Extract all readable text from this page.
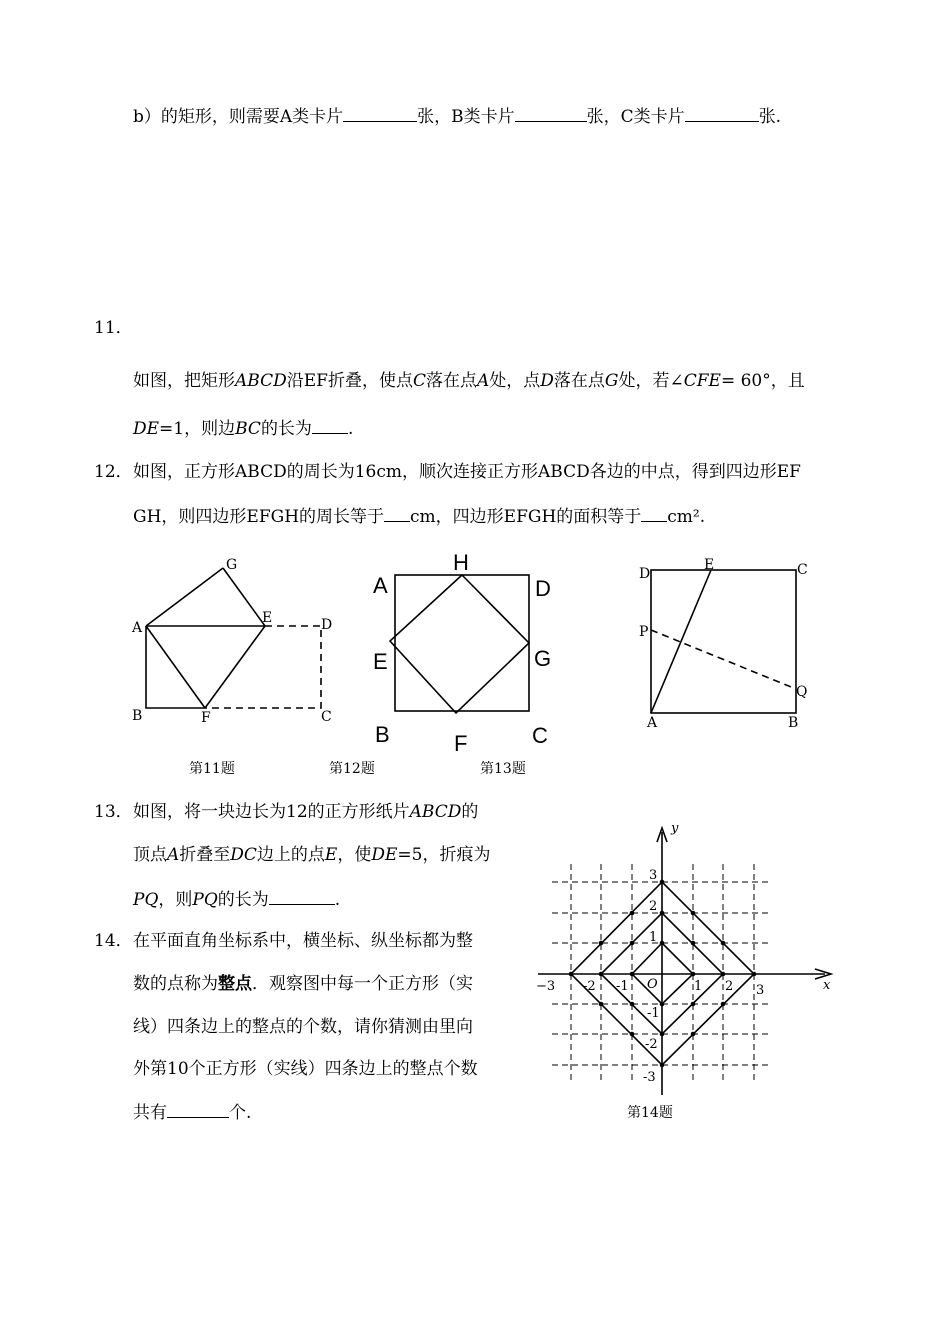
b）的矩形，则需要A类卡片	张，B类卡片	张，C类卡片	张.
11．
如图，把矩形ABCD沿EF折叠，使点C落在点A处，点D落在点G处，若∠CFE= 60°，且
DE=1，则边BC的长为 .
12． 如图，正方形ABCD的周长为16cm，顺次连接正方形ABCD各边的中点，得到四边形EF
GH，则四边形EFGH的周长等于 cm，四边形EFGH的面积等于 cm².
G
A
E	D
B	F	C
A
H
D
E	G
B	F	C
D
E	C
P
Q
A	B
第11题	第12题	第13题
13． 如图，将一块边长为12的正方形纸片ABCD的
顶点A折叠至DC边上的点E，使DE=5，折痕为
PQ，则PQ的长为	.
14． 在平面直角坐标系中，横坐标、纵坐标都为整
数的点称为整点．观察图中每一个正方形（实
线）四条边上的整点的个数，请你猜测由里向
外第10个正方形（实线）四条边上的整点个数
共有	个.
y
x
O
−3 -2 -1	1 2 3
3
2
1
-1
-2
-3
第14题
